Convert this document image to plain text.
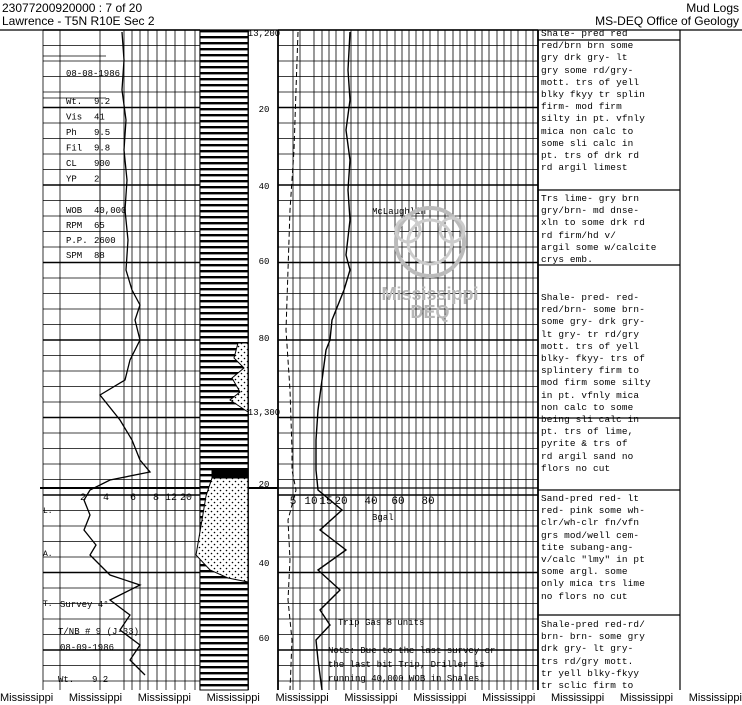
23077200920000 : 7 of 20
Lawrence - T5N R10E Sec 2
Mud Logs
MS-DEQ Office of Geology
13,200
20
40
60
80
13,300
20
40
60
2 4 6 8 12 20	5 10 15 20 40 60 80
08-08-1986
Wt. 9.2
Vis 41
Ph 9.5
Fil 9.8
CL 900
YP 2
WOB 40,000
RPM 65
P.P. 2600
SPM 88
Survey 4°
T/NB # 9 (J-33)
08-09-1986
Wt. 9.2
L.
A.
T.
McLaughlin
Bgal
Trip Gas 8 units
Note: Due to the last survey or
the last bit Trip, Driller is
running 40,000 WOB in Shales.
Mississippi
DEQ
Shale- pred red
red/brn brn some
gry drk gry- lt
gry some rd/gry-
mott. trs of yell
blky fkyy tr splin
firm- mod firm
silty in pt. vfnly
mica non calc to
some sli calc in
pt. trs of drk rd
rd argil limest
Trs lime- gry brn
gry/brn- md dnse-
xln to some drk rd
rd firm/hd v/
argil some w/calcite
crys emb.
Shale- pred- red-
red/brn- some brn-
some gry- drk gry-
lt gry- tr rd/gry
mott. trs of yell
blky- fkyy- trs of
splintery firm to
mod firm some silty
in pt. vfnly mica
non calc to some
being sli calc in
pt. trs of lime,
pyrite & trs of
rd argil sand no
flors no cut
Sand-pred red- lt
red- pink some wh-
clr/wh-clr fn/vfn
grs mod/well cem-
tite subang-ang-
v/calc "lmy" in pt
some argl. some
only mica trs lime
no flors no cut
Shale-pred red-rd/
brn- brn- some gry
drk gry- lt gry-
trs rd/gry mott.
tr yell blky-fkyy
tr sclic firm to
Mississippi Mississippi Mississippi Mississippi Mississippi Mississippi Mississippi Mississippi Mississippi Mississippi Mississippi
